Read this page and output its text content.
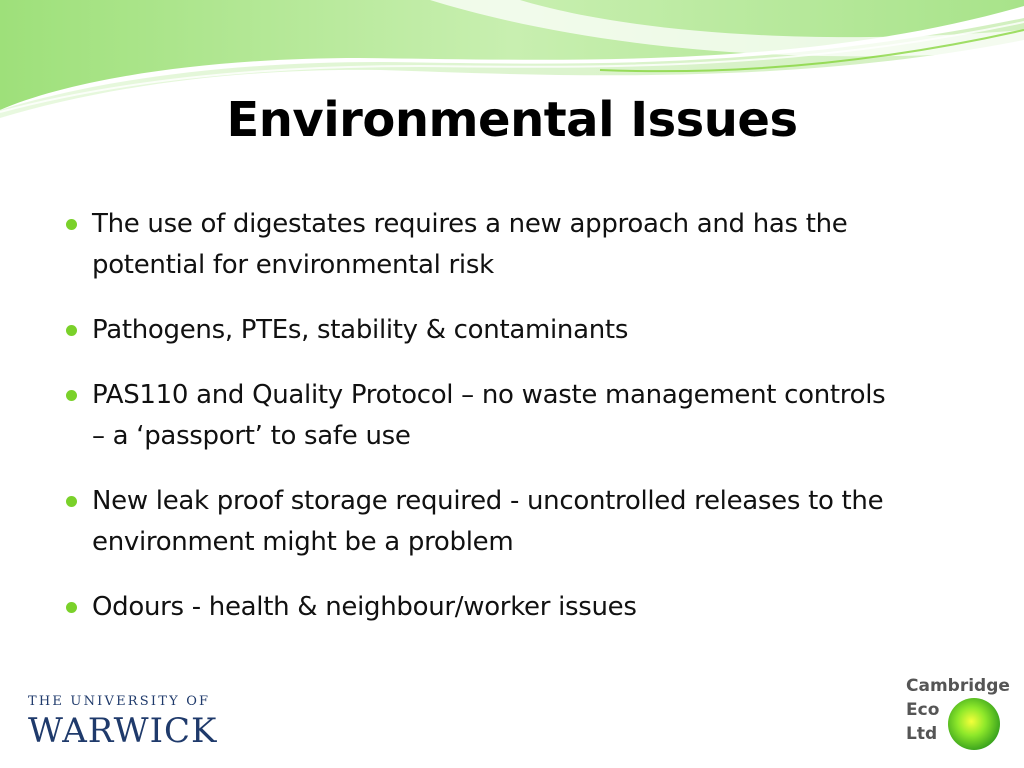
Environmental Issues
The use of digestates requires a new approach and has the
potential for environmental risk
Pathogens, PTEs, stability & contaminants
PAS110 and Quality Protocol – no waste management controls
– a ‘passport’ to safe use
New leak proof storage required - uncontrolled releases to the
environment might be a problem
Odours - health & neighbour/worker issues
THE UNIVERSITY OF
WARWICK
Cambridge
Eco
Ltd
